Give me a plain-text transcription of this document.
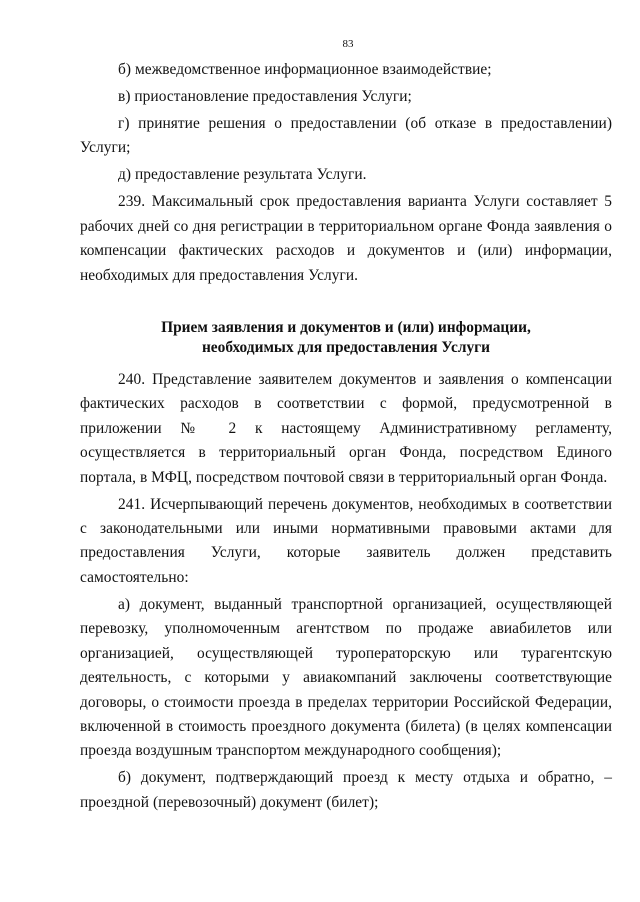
83

б) межведомственное информационное взаимодействие;

в) приостановление предоставления Услуги;

г) принятие решения о предоставлении (об отказе в предоставлении) Услуги;

д) предоставление результата Услуги.

239. Максимальный срок предоставления варианта Услуги составляет 5 рабочих дней со дня регистрации в территориальном органе Фонда заявления о компенсации фактических расходов и документов и (или) информации, необходимых для предоставления Услуги.

Прием заявления и документов и (или) информации,
необходимых для предоставления Услуги

240. Представление заявителем документов и заявления о компенсации фактических расходов в соответствии с формой, предусмотренной в приложении № 2 к настоящему Административному регламенту, осуществляется в территориальный орган Фонда, посредством Единого портала, в МФЦ, посредством почтовой связи в территориальный орган Фонда.

241. Исчерпывающий перечень документов, необходимых в соответствии с законодательными или иными нормативными правовыми актами для предоставления Услуги, которые заявитель должен представить самостоятельно:

а) документ, выданный транспортной организацией, осуществляющей перевозку, уполномоченным агентством по продаже авиабилетов или организацией, осуществляющей туроператорскую или турагентскую деятельность, с которыми у авиакомпаний заключены соответствующие договоры, о стоимости проезда в пределах территории Российской Федерации, включенной в стоимость проездного документа (билета) (в целях компенсации проезда воздушным транспортом международного сообщения);

б) документ, подтверждающий проезд к месту отдыха и обратно, – проездной (перевозочный) документ (билет);
